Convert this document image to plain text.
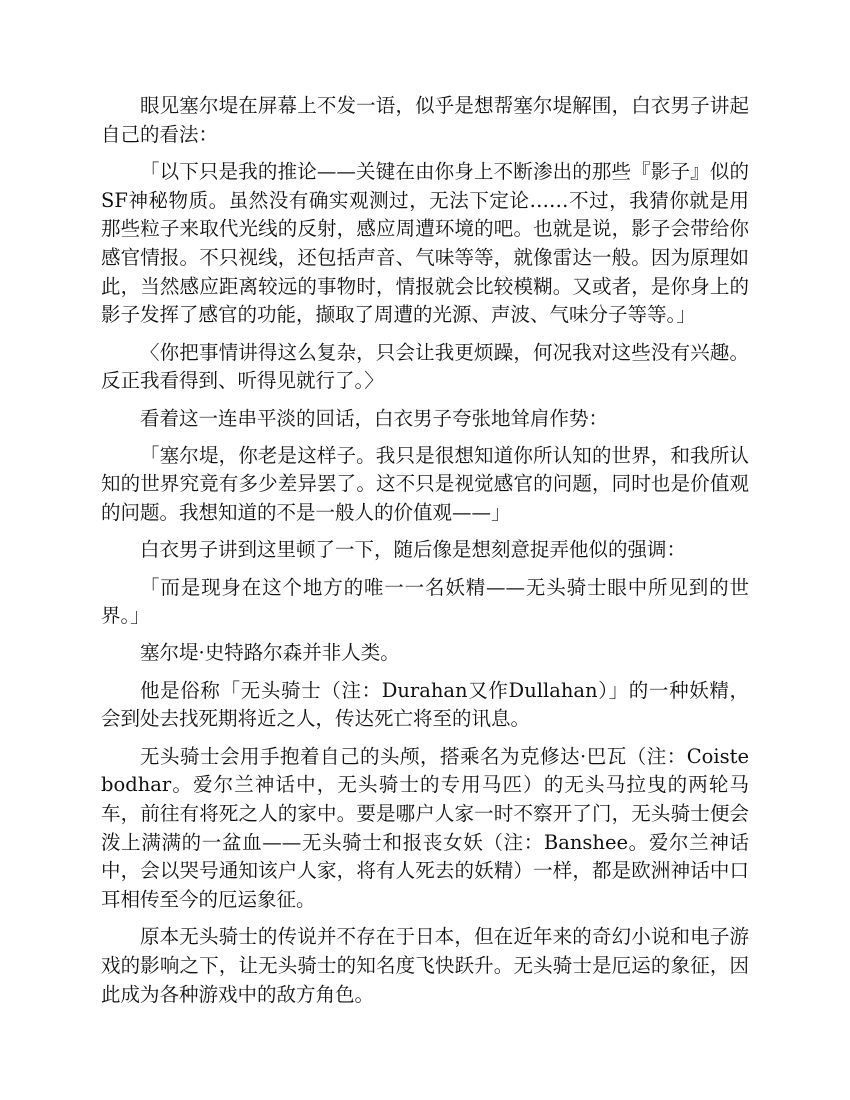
眼见塞尔堤在屏幕上不发一语，似乎是想帮塞尔堤解围，白衣男子讲起自己的看法：

「以下只是我的推论——关键在由你身上不断渗出的那些『影子』似的SF神秘物质。虽然没有确实观测过，无法下定论……不过，我猜你就是用那些粒子来取代光线的反射，感应周遭环境的吧。也就是说，影子会带给你感官情报。不只视线，还包括声音、气味等等，就像雷达一般。因为原理如此，当然感应距离较远的事物时，情报就会比较模糊。又或者，是你身上的影子发挥了感官的功能，撷取了周遭的光源、声波、气味分子等等。」

〈你把事情讲得这么复杂，只会让我更烦躁，何况我对这些没有兴趣。反正我看得到、听得见就行了。〉

看着这一连串平淡的回话，白衣男子夸张地耸肩作势：

「塞尔堤，你老是这样子。我只是很想知道你所认知的世界，和我所认知的世界究竟有多少差异罢了。这不只是视觉感官的问题，同时也是价值观的问题。我想知道的不是一般人的价值观——」

白衣男子讲到这里顿了一下，随后像是想刻意捉弄他似的强调：

「而是现身在这个地方的唯一一名妖精——无头骑士眼中所见到的世界。」

塞尔堤·史特路尔森并非人类。

他是俗称「无头骑士（注：Durahan又作Dullahan）」的一种妖精，会到处去找死期将近之人，传达死亡将至的讯息。

无头骑士会用手抱着自己的头颅，搭乘名为克修达·巴瓦（注：Coiste bodhar。爱尔兰神话中，无头骑士的专用马匹）的无头马拉曳的两轮马车，前往有将死之人的家中。要是哪户人家一时不察开了门，无头骑士便会泼上满满的一盆血——无头骑士和报丧女妖（注：Banshee。爱尔兰神话中，会以哭号通知该户人家，将有人死去的妖精）一样，都是欧洲神话中口耳相传至今的厄运象征。

原本无头骑士的传说并不存在于日本，但在近年来的奇幻小说和电子游戏的影响之下，让无头骑士的知名度飞快跃升。无头骑士是厄运的象征，因此成为各种游戏中的敌方角色。
